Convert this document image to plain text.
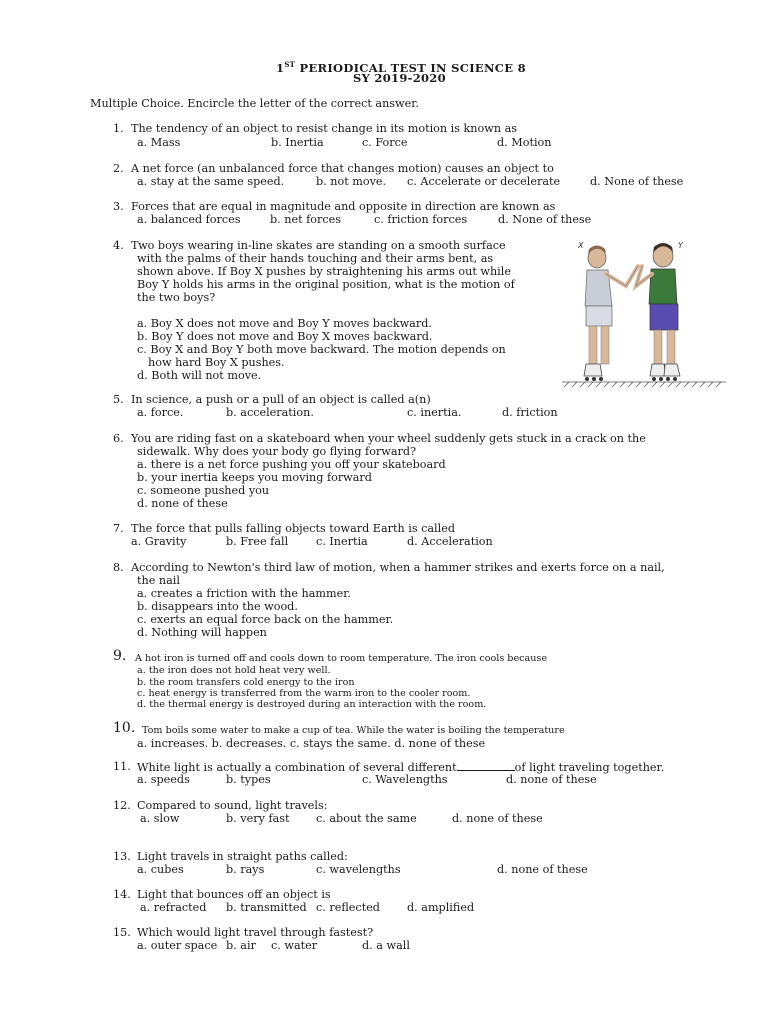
1ST PERIODICAL TEST IN SCIENCE 8
SY 2019-2020
Multiple Choice. Encircle the letter of the correct answer.
1. The tendency of an object to resist change in its motion is known as
a. Mass	b. Inertia	c. Force	d. Motion
2. A net force (an unbalanced force that changes motion) causes an object to
a. stay at the same speed.	b. not move. c. Accelerate or decelerate	d. None of these
3. Forces that are equal in magnitude and opposite in direction are known as
a. balanced forces	b. net forces	c. friction forces	d. None of these
4. Two boys wearing in-line skates are standing on a smooth surface
with the palms of their hands touching and their arms bent, as
shown above. If Boy X pushes by straightening his arms out while
Boy Y holds his arms in the original position, what is the motion of
the two boys?
a. Boy X does not move and Boy Y moves backward.
b. Boy Y does not move and Boy X moves backward.
c. Boy X and Boy Y both move backward. The motion depends on
how hard Boy X pushes.
d. Both will not move.
X	Y
5. In science, a push or a pull of an object is called a(n)
a. force.	b. acceleration.	c. inertia.	d. friction
6. You are riding fast on a skateboard when your wheel suddenly gets stuck in a crack on the
sidewalk. Why does your body go flying forward?
a. there is a net force pushing you off your skateboard
b. your inertia keeps you moving forward
c. someone pushed you
d. none of these
7. The force that pulls falling objects toward Earth is called
a. Gravity	b. Free fall c. Inertia	d. Acceleration
8. According to Newton's third law of motion, when a hammer strikes and exerts force on a nail,
the nail
a. creates a friction with the hammer.
b. disappears into the wood.
c. exerts an equal force back on the hammer.
d. Nothing will happen
9. A hot iron is turned off and cools down to room temperature. The iron cools because
a. the iron does not hold heat very well.
b. the room transfers cold energy to the iron
c. heat energy is transferred from the warm iron to the cooler room.
d. the thermal energy is destroyed during an interaction with the room.
10. Tom boils some water to make a cup of tea. While the water is boiling the temperature
a. increases. b. decreases. c. stays the same. d. none of these
11. White light is actually a combination of several different	of light traveling together.
a. speeds	b. types	c. Wavelengths	d. none of these
12. Compared to sound, light travels:
a. slow	b. very fast c. about the same	d. none of these
13. Light travels in straight paths called:
a. cubes	b. rays	c. wavelengths	d. none of these
14. Light that bounces off an object is
a. refracted b. transmitted c. reflected d. amplified
15. Which would light travel through fastest?
a. outer space b. air c. water	d. a wall
